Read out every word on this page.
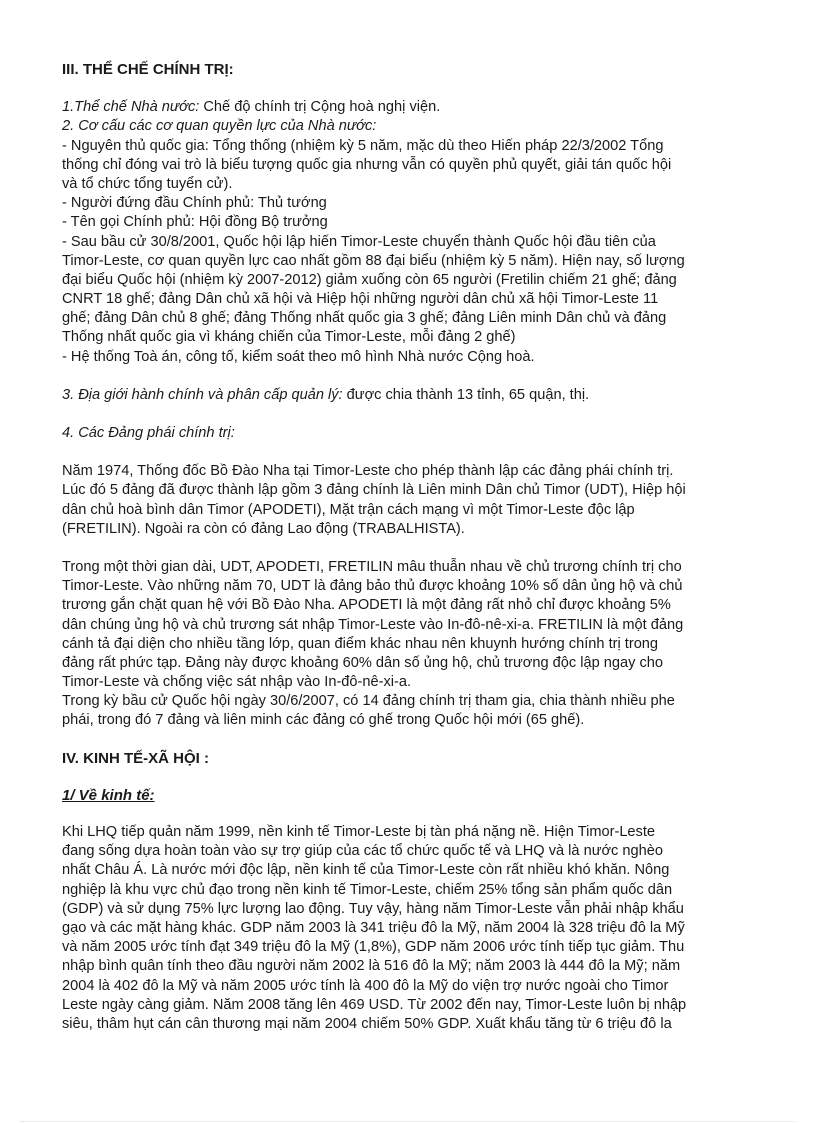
III. THỂ CHẾ CHÍNH TRỊ:
1.Thể chế Nhà nước: Chế độ chính trị Cộng hoà nghị viện.
2. Cơ cấu các cơ quan quyền lực của Nhà nước:
- Nguyên thủ quốc gia: Tổng thống (nhiệm kỳ 5 năm, mặc dù theo Hiến pháp 22/3/2002 Tổng
thống chỉ đóng vai trò là biểu tượng quốc gia nhưng vẫn có quyền phủ quyết, giải tán quốc hội
và tổ chức tổng tuyển cử).
- Người đứng đầu Chính phủ: Thủ tướng
- Tên gọi Chính phủ: Hội đồng Bộ trưởng
- Sau bầu cử 30/8/2001, Quốc hội lập hiến Timor-Leste chuyển thành Quốc hội đầu tiên của
Timor-Leste, cơ quan quyền lực cao nhất gồm 88 đại biểu (nhiệm kỳ 5 năm). Hiện nay, số lượng
đại biểu Quốc hội (nhiệm kỳ 2007-2012) giảm xuống còn 65 người (Fretilin chiếm 21 ghế; đảng
CNRT 18 ghế; đảng Dân chủ xã hội và Hiệp hội những người dân chủ xã hội Timor-Leste 11
ghế; đảng Dân chủ 8 ghế; đảng Thống nhất quốc gia 3 ghế; đảng Liên minh Dân chủ và đảng
Thống nhất quốc gia vì kháng chiến của Timor-Leste, mỗi đảng 2 ghế)
- Hệ thống Toà án, công tố, kiểm soát theo mô hình Nhà nước Cộng hoà.
3. Địa giới hành chính và phân cấp quản lý: được chia thành 13 tỉnh, 65 quận, thị.
4. Các Đảng phái chính trị:
Năm 1974, Thống đốc Bồ Đào Nha tại Timor-Leste cho phép thành lập các đảng phái chính trị.
Lúc đó 5 đảng đã được thành lập gồm 3 đảng chính là Liên minh Dân chủ Timor (UDT), Hiệp hội
dân chủ hoà bình dân Timor (APODETI), Mặt trận cách mạng vì một Timor-Leste độc lập
(FRETILIN). Ngoài ra còn có đảng Lao động (TRABALHISTA).
Trong một thời gian dài, UDT, APODETI, FRETILIN mâu thuẫn nhau về chủ trương chính trị cho
Timor-Leste. Vào những năm 70, UDT là đảng bảo thủ được khoảng 10% số dân ủng hộ và chủ
trương gắn chặt quan hệ với Bồ Đào Nha. APODETI là một đảng rất nhỏ chỉ được khoảng 5%
dân chúng ủng hộ và chủ trương sát nhập Timor-Leste vào In-đô-nê-xi-a. FRETILIN là một đảng
cánh tả đại diện cho nhiều tầng lớp, quan điểm khác nhau nên khuynh hướng chính trị trong
đảng rất phức tạp. Đảng này được khoảng 60% dân số ủng hộ, chủ trương độc lập ngay cho
Timor-Leste và chống việc sát nhập vào In-đô-nê-xi-a.
Trong kỳ bầu cử Quốc hội ngày 30/6/2007, có 14 đảng chính trị tham gia, chia thành nhiều phe
phái, trong đó 7 đảng và liên minh các đảng có ghế trong Quốc hội mới (65 ghế).
IV. KINH TẾ-XÃ HỘI :
1/ Về kinh tế:
Khi LHQ tiếp quản năm 1999, nền kinh tế Timor-Leste bị tàn phá nặng nề. Hiện Timor-Leste
đang sống dựa hoàn toàn vào sự trợ giúp của các tổ chức quốc tế và LHQ và là nước nghèo
nhất Châu Á. Là nước mới độc lập, nền kinh tế của Timor-Leste còn rất nhiều khó khăn. Nông
nghiệp là khu vực chủ đạo trong nền kinh tế Timor-Leste, chiếm 25% tổng sản phẩm quốc dân
(GDP) và sử dụng 75% lực lượng lao động. Tuy vậy, hàng năm Timor-Leste vẫn phải nhập khẩu
gạo và các mặt hàng khác. GDP năm 2003 là 341 triệu đô la Mỹ, năm 2004 là 328 triệu đô la Mỹ
và năm 2005 ước tính đạt 349 triệu đô la Mỹ (1,8%), GDP năm 2006 ước tính tiếp tục giảm. Thu
nhập bình quân tính theo đầu người năm 2002 là 516 đô la Mỹ; năm 2003 là 444 đô la Mỹ; năm
2004 là 402 đô la Mỹ và năm 2005 ước tính là 400 đô la Mỹ do viện trợ nước ngoài cho Timor
Leste ngày càng giảm. Năm 2008 tăng lên 469 USD. Từ 2002 đến nay, Timor-Leste luôn bị nhập
siêu, thâm hụt cán cân thương mại năm 2004 chiếm 50% GDP. Xuất khẩu tăng từ 6 triệu đô la
